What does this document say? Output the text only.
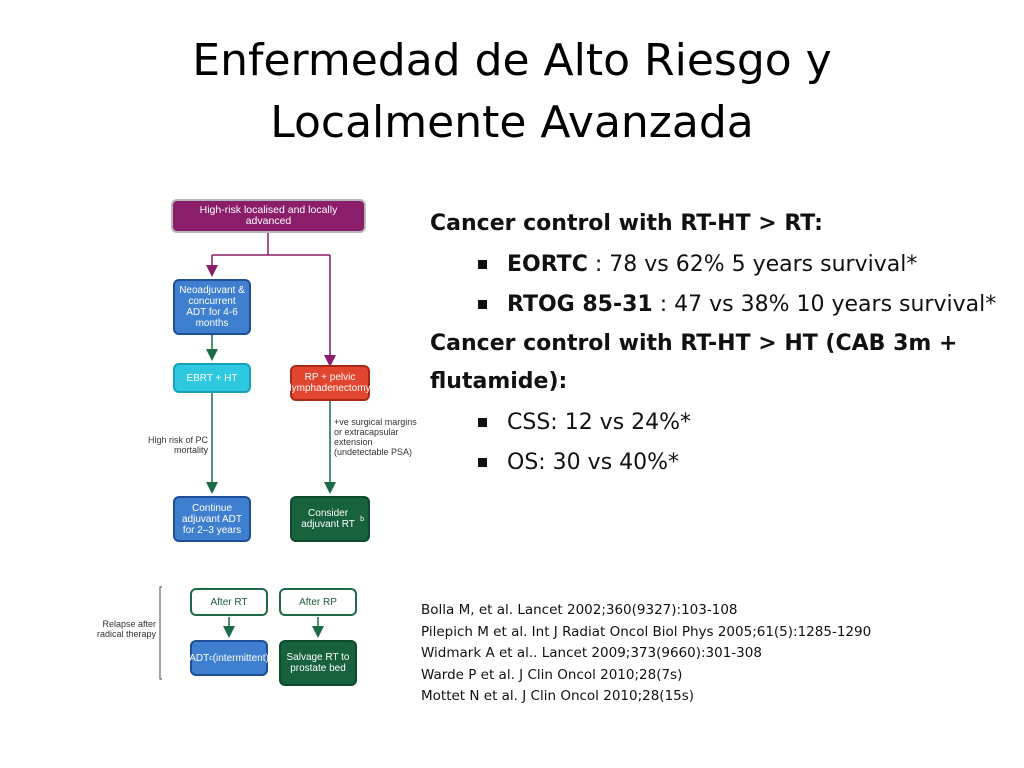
Enfermedad de Alto Riesgo y
Localmente Avanzada
High-risk localised and locally advanced
Neoadjuvant & concurrent ADT for 4-6 months
EBRT + HT	RP + pelvic lymphadenectomy
High risk of PC mortality
+ve surgical margins or extracapsular extension (undetectable PSA)
Continue adjuvant ADT for 2–3 years
Consider adjuvant RT b
Relapse after radical therapy
After RT	After RP
ADT c (intermittent)	Salvage RT to prostate bed
Cancer control with RT-HT > RT:
EORTC : 78 vs 62% 5 years survival*
RTOG 85-31 : 47 vs 38% 10 years survival*
Cancer control with RT-HT > HT (CAB 3m + flutamide):
CSS: 12 vs 24%*
OS: 30 vs 40%*
Bolla M, et al. Lancet 2002;360(9327):103-108
Pilepich M et al. Int J Radiat Oncol Biol Phys 2005;61(5):1285-1290
Widmark A et al.. Lancet 2009;373(9660):301-308
Warde P et al. J Clin Oncol 2010;28(7s)
Mottet N et al. J Clin Oncol 2010;28(15s)
